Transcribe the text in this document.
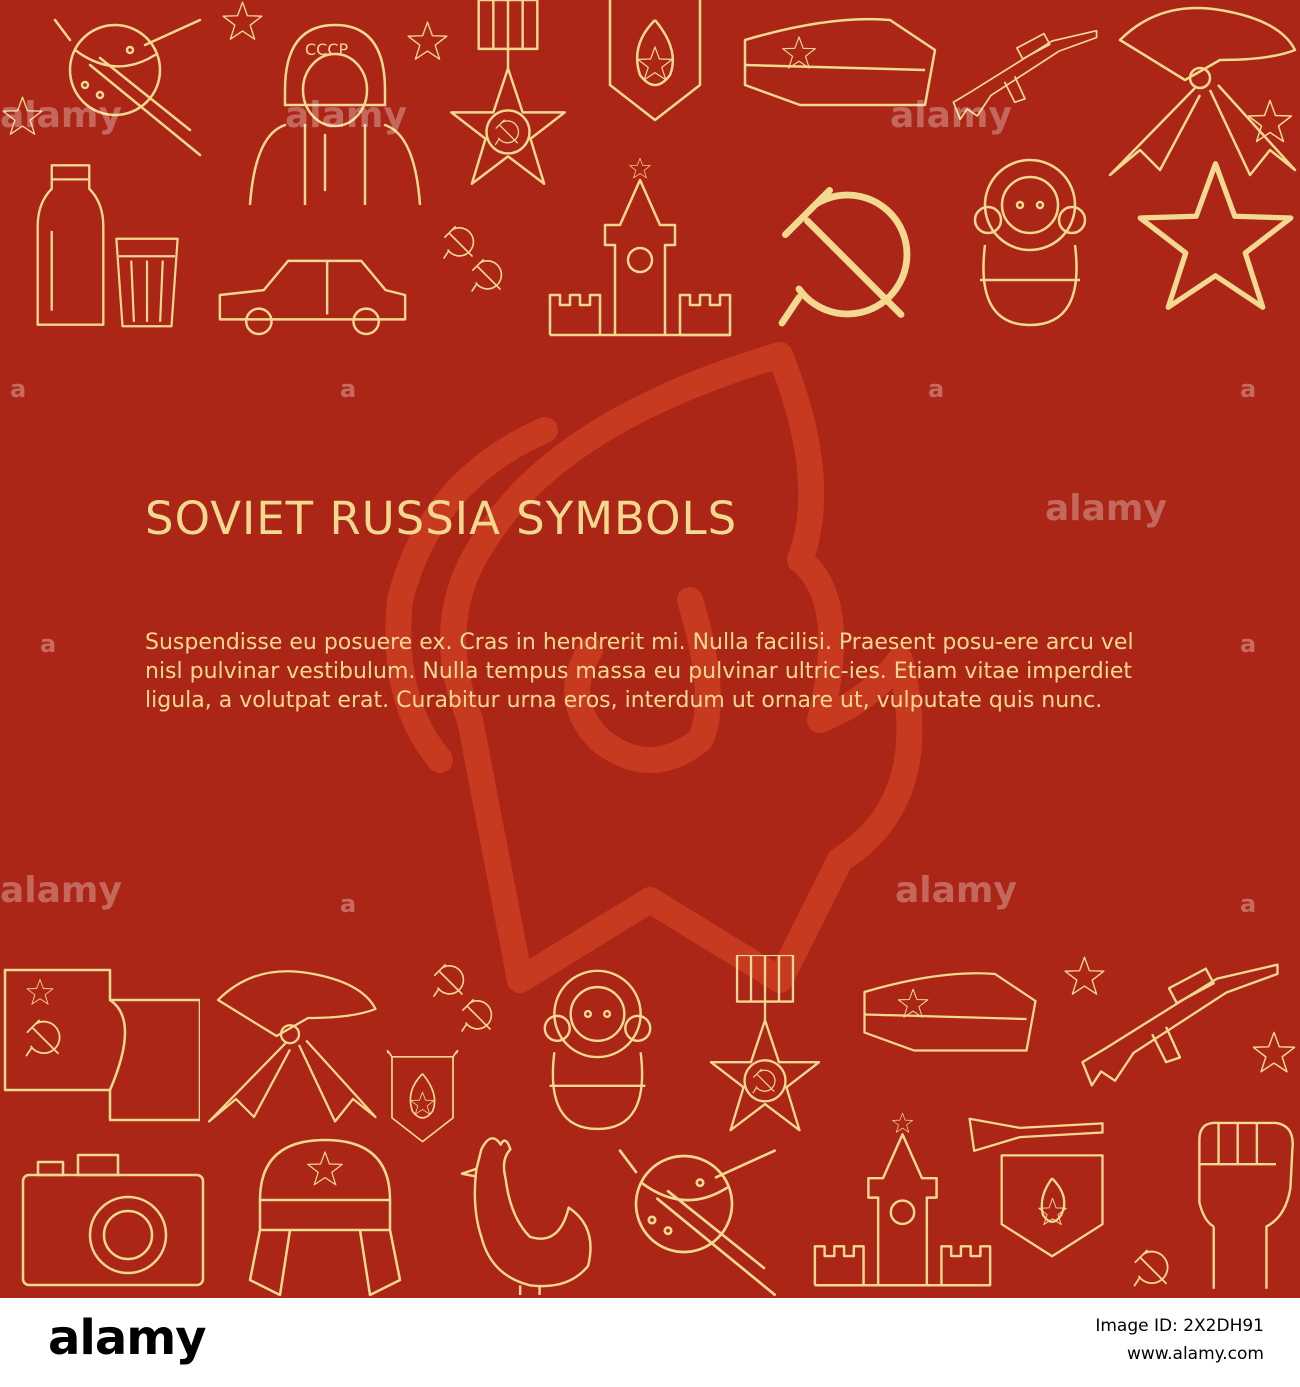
a	a	a	a
a	a
a	a
alamy	alamy	alamy
alamy
alamy	alamy
SOVIET RUSSIA SYMBOLS
Suspendisse eu posuere ex. Cras in hendrerit mi. Nulla facilisi. Praesent posu-ere arcu vel nisl pulvinar vestibulum. Nulla tempus massa eu pulvinar ultric-ies. Etiam vitae imperdiet ligula, a volutpat erat. Curabitur urna eros, interdum ut ornare ut, vulputate quis nunc.
alamy	Image ID: 2X2DH91
www.alamy.com
